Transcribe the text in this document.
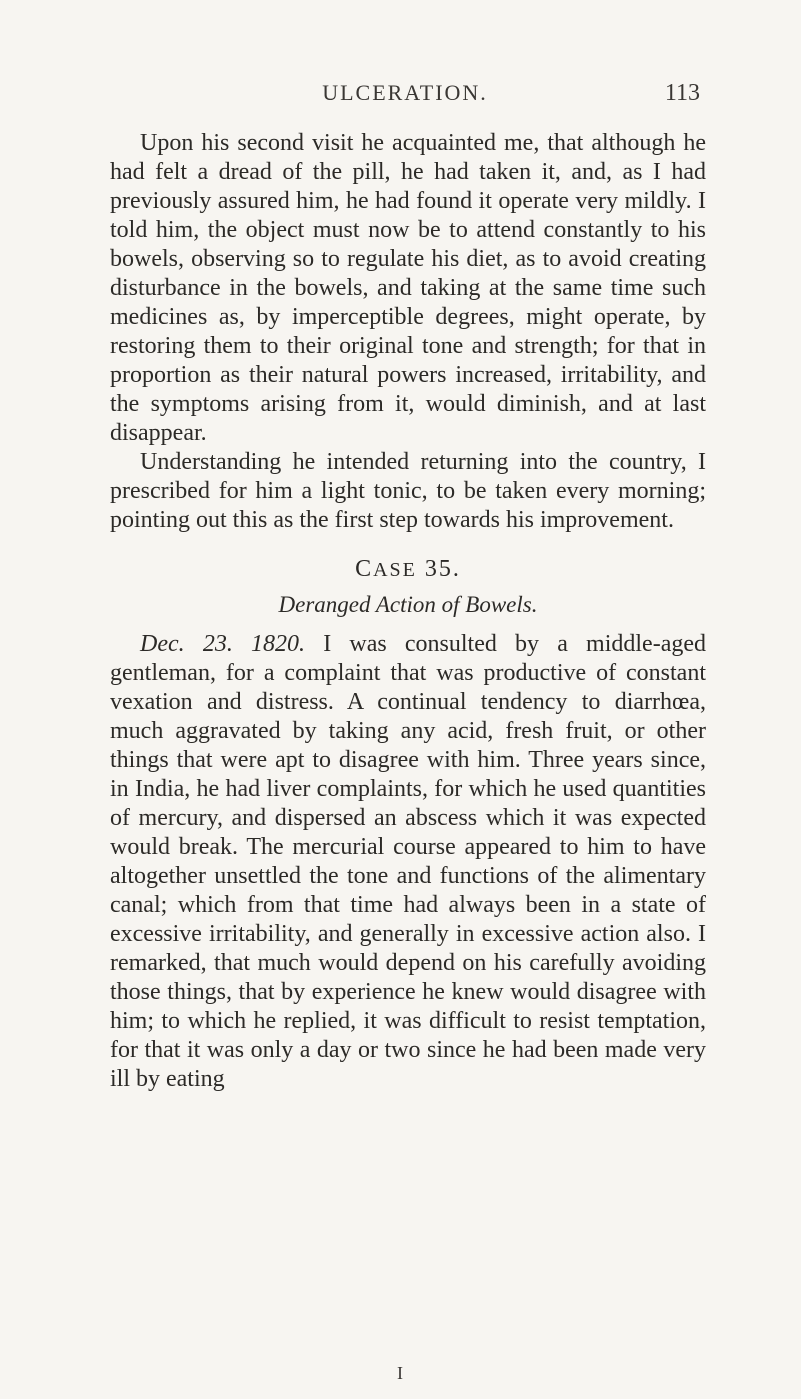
ULCERATION.	113

Upon his second visit he acquainted me, that although he had felt a dread of the pill, he had taken it, and, as I had previously assured him, he had found it operate very mildly. I told him, the object must now be to attend constantly to his bowels, observing so to regulate his diet, as to avoid creating disturbance in the bowels, and taking at the same time such medicines as, by imperceptible degrees, might operate, by restoring them to their original tone and strength; for that in proportion as their natural powers increased, irritability, and the symptoms arising from it, would diminish, and at last disappear.

Understanding he intended returning into the country, I prescribed for him a light tonic, to be taken every morning; pointing out this as the first step towards his improvement.

CASE 35.
Deranged Action of Bowels.

Dec. 23. 1820. I was consulted by a middle-aged gentleman, for a complaint that was productive of constant vexation and distress. A continual tendency to diarrhœa, much aggravated by taking any acid, fresh fruit, or other things that were apt to disagree with him. Three years since, in India, he had liver complaints, for which he used quantities of mercury, and dispersed an abscess which it was expected would break. The mercurial course appeared to him to have altogether unsettled the tone and functions of the alimentary canal; which from that time had always been in a state of excessive irritability, and generally in excessive action also. I remarked, that much would depend on his carefully avoiding those things, that by experience he knew would disagree with him; to which he replied, it was difficult to resist temptation, for that it was only a day or two since he had been made very ill by eating

I
